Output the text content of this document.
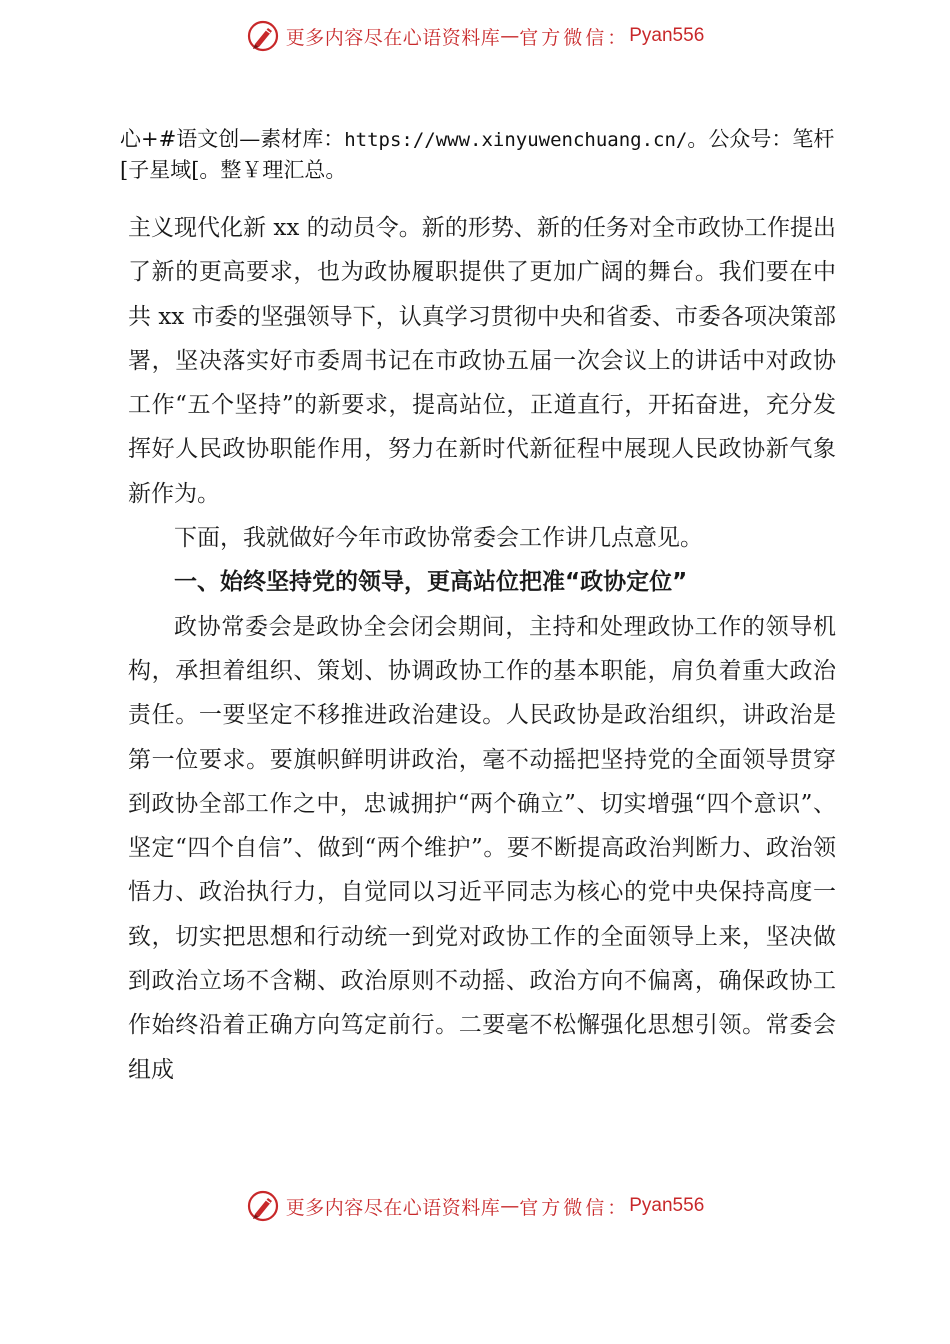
更多内容尽在心语资料库 — 官方微信： Pyan556
心+#语文创—素材库：https://www.xinyuwenchuang.cn/。公众号：笔杆[子星域[。整￥理汇总。

主义现代化新 xx 的动员令。新的形势、新的任务对全市政协工作提出了新的更高要求，也为政协履职提供了更加广阔的舞台。我们要在中共 xx 市委的坚强领导下，认真学习贯彻中央和省委、市委各项决策部署，坚决落实好市委周书记在市政协五届一次会议上的讲话中对政协工作“五个坚持”的新要求，提高站位，正道直行，开拓奋进，充分发挥好人民政协职能作用，努力在新时代新征程中展现人民政协新气象新作为。

下面，我就做好今年市政协常委会工作讲几点意见。

一、始终坚持党的领导，更高站位把准“政协定位”

政协常委会是政协全会闭会期间，主持和处理政协工作的领导机构，承担着组织、策划、协调政协工作的基本职能，肩负着重大政治责任。一要坚定不移推进政治建设。人民政协是政治组织，讲政治是第一位要求。要旗帜鲜明讲政治，毫不动摇把坚持党的全面领导贯穿到政协全部工作之中，忠诚拥护“两个确立”、切实增强“四个意识”、坚定“四个自信”、做到“两个维护”。要不断提高政治判断力、政治领悟力、政治执行力，自觉同以习近平同志为核心的党中央保持高度一致，切实把思想和行动统一到党对政协工作的全面领导上来，坚决做到政治立场不含糊、政治原则不动摇、政治方向不偏离，确保政协工作始终沿着正确方向笃定前行。二要毫不松懈强化思想引领。常委会组成

更多内容尽在心语资料库 — 官方微信： Pyan556
